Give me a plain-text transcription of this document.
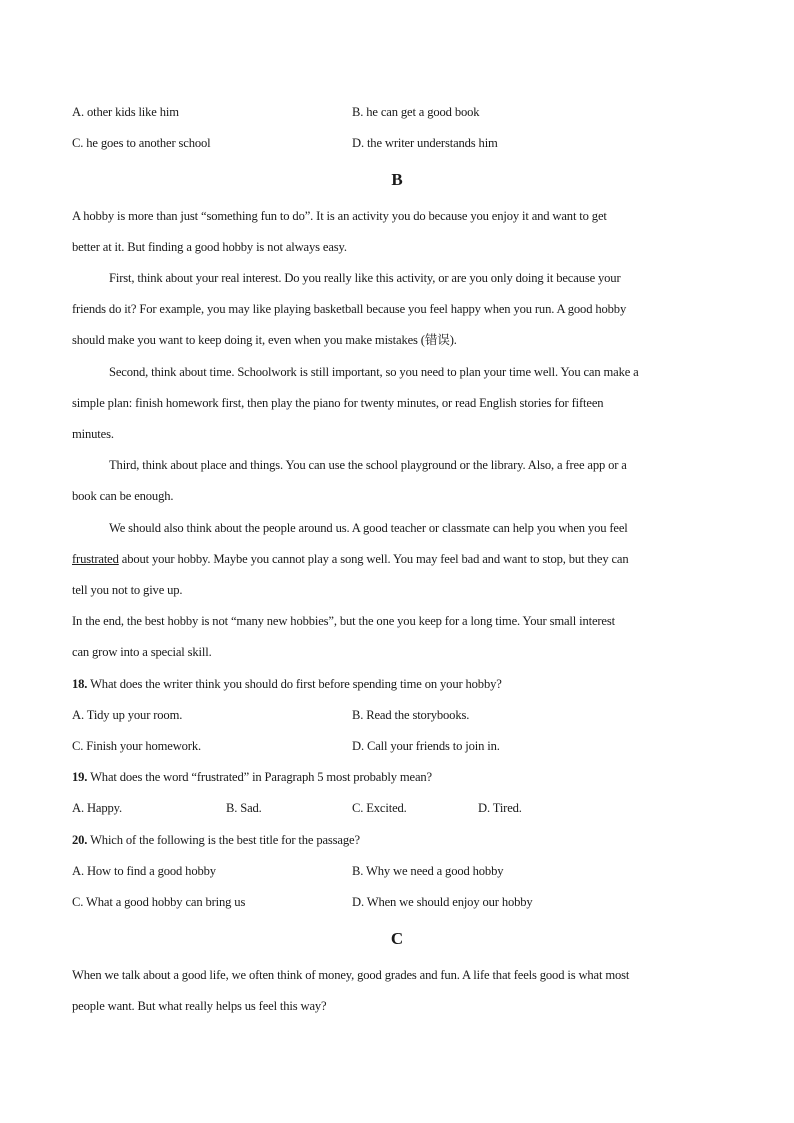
A. other kids like him	B. he can get a good book
C. he goes to another school	D. the writer understands him
B
A hobby is more than just “something fun to do”. It is an activity you do because you enjoy it and want to get
better at it. But finding a good hobby is not always easy.
First, think about your real interest. Do you really like this activity, or are you only doing it because your
friends do it? For example, you may like playing basketball because you feel happy when you run. A good hobby
should make you want to keep doing it, even when you make mistakes (错误).
Second, think about time. Schoolwork is still important, so you need to plan your time well. You can make a
simple plan: finish homework first, then play the piano for twenty minutes, or read English stories for fifteen
minutes.
Third, think about place and things. You can use the school playground or the library. Also, a free app or a
book can be enough.
We should also think about the people around us. A good teacher or classmate can help you when you feel
frustrated about your hobby. Maybe you cannot play a song well. You may feel bad and want to stop, but they can
tell you not to give up.
In the end, the best hobby is not “many new hobbies”, but the one you keep for a long time. Your small interest
can grow into a special skill.
18. What does the writer think you should do first before spending time on your hobby?
A. Tidy up your room.	B. Read the storybooks.
C. Finish your homework.	D. Call your friends to join in.
19. What does the word “frustrated” in Paragraph 5 most probably mean?
A. Happy.	B. Sad.	C. Excited.	D. Tired.
20. Which of the following is the best title for the passage?
A. How to find a good hobby	B. Why we need a good hobby
C. What a good hobby can bring us	D. When we should enjoy our hobby
C
When we talk about a good life, we often think of money, good grades and fun. A life that feels good is what most
people want. But what really helps us feel this way?
